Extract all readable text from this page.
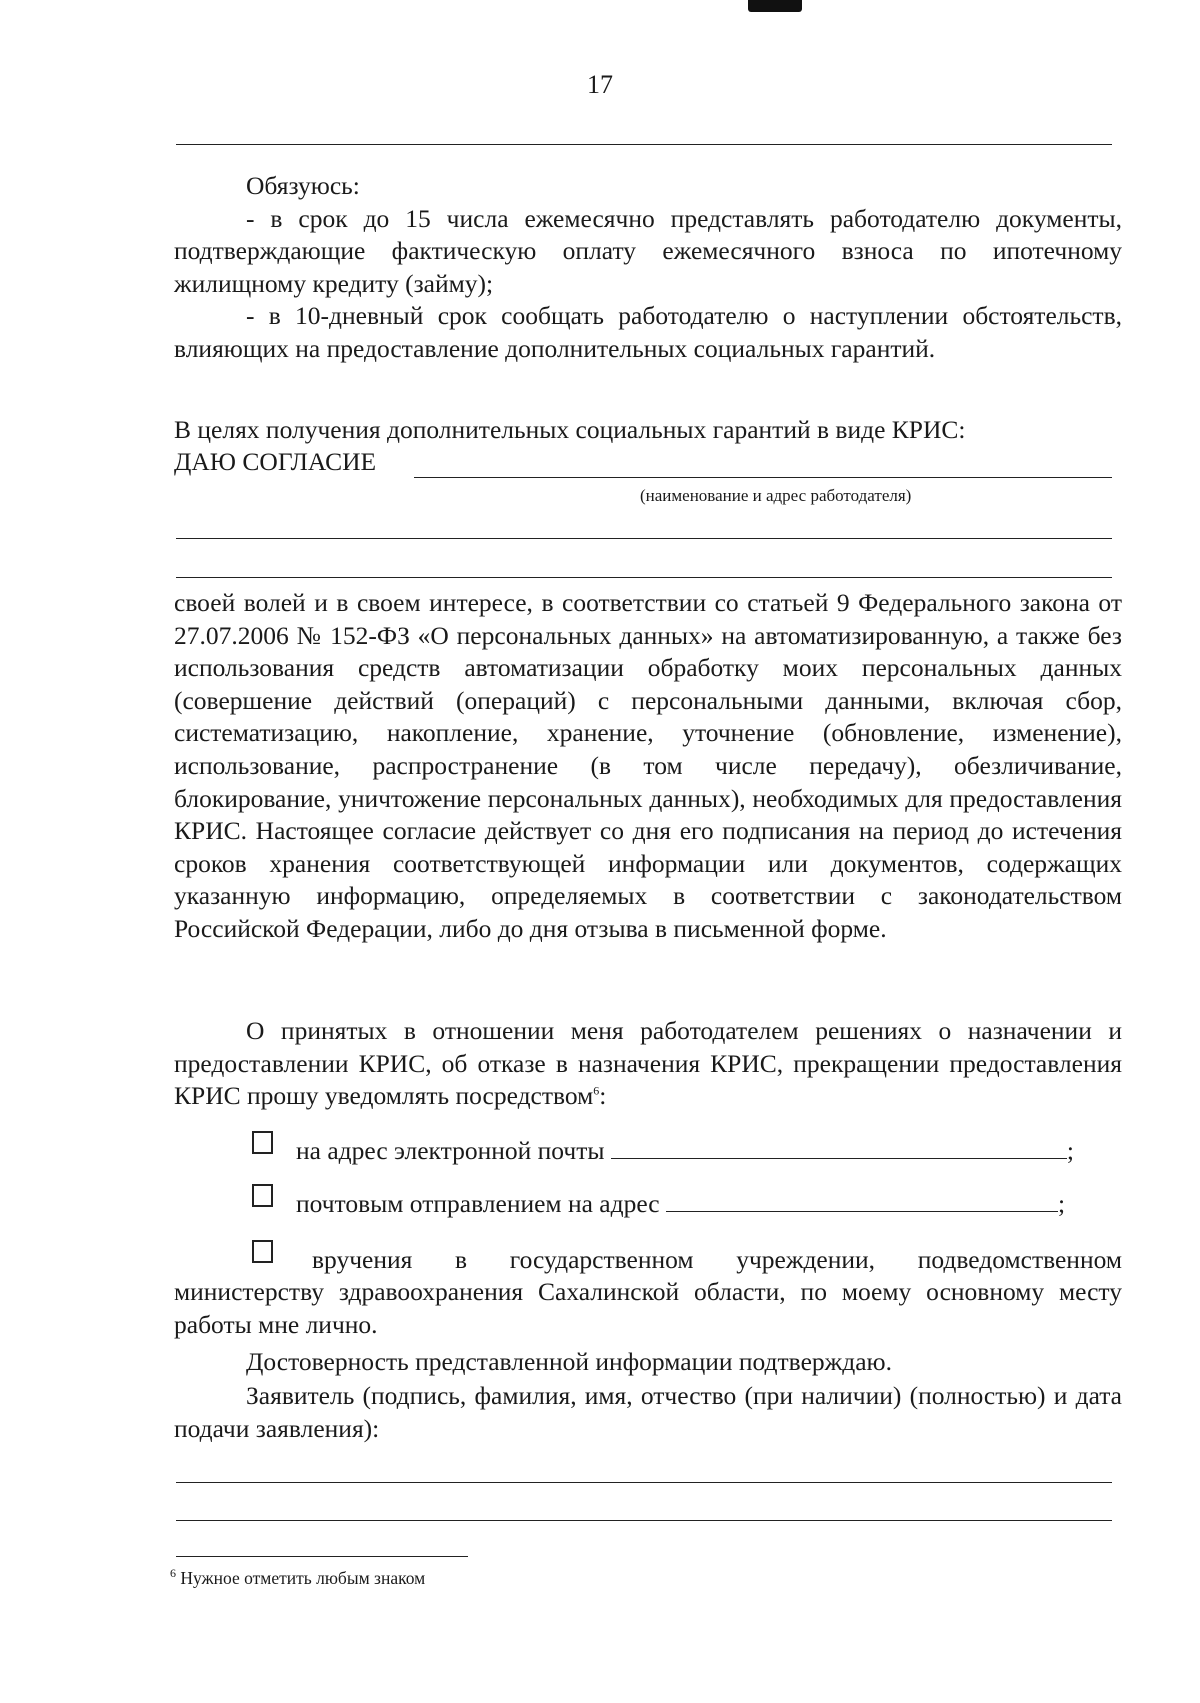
17
Обязуюсь:
- в срок до 15 числа ежемесячно представлять работодателю документы, подтверждающие фактическую оплату ежемесячного взноса по ипотечному жилищному кредиту (займу);
- в 10-дневный срок сообщать работодателю о наступлении обстоятельств, влияющих на предоставление дополнительных социальных гарантий.
В целях получения дополнительных социальных гарантий в виде КРИС:
ДАЮ СОГЛАСИЕ
(наименование и адрес работодателя)
своей волей и в своем интересе, в соответствии со статьей 9 Федерального закона от 27.07.2006 № 152-ФЗ «О персональных данных» на автоматизированную, а также без использования средств автоматизации обработку моих персональных данных (совершение действий (операций) с персональными данными, включая сбор, систематизацию, накопление, хранение, уточнение (обновление, изменение), использование, распространение (в том числе передачу), обезличивание, блокирование, уничтожение персональных данных), необходимых для предоставления КРИС. Настоящее согласие действует со дня его подписания на период до истечения сроков хранения соответствующей информации или документов, содержащих указанную информацию, определяемых в соответствии с законодательством Российской Федерации, либо до дня отзыва в письменной форме.
О принятых в отношении меня работодателем решениях о назначении и предоставлении КРИС, об отказе в назначения КРИС, прекращении предоставления КРИС прошу уведомлять посредством$^6$:
на адрес электронной почты	;
почтовым отправлением на адрес	;
вручения в государственном учреждении, подведомственном
министерству здравоохранения Сахалинской области, по моему основному месту работы мне лично.
Достоверность представленной информации подтверждаю.
Заявитель (подпись, фамилия, имя, отчество (при наличии) (полностью) и дата подачи заявления):
$^6$ Нужное отметить любым знаком
